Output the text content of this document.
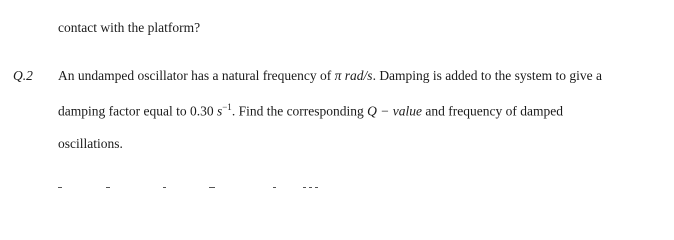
contact with the platform?
Q.2 An undamped oscillator has a natural frequency of π rad/s. Damping is added to the system to give a
damping factor equal to 0.30 $s^{-1}$. Find the corresponding Q − value and frequency of damped
oscillations.
